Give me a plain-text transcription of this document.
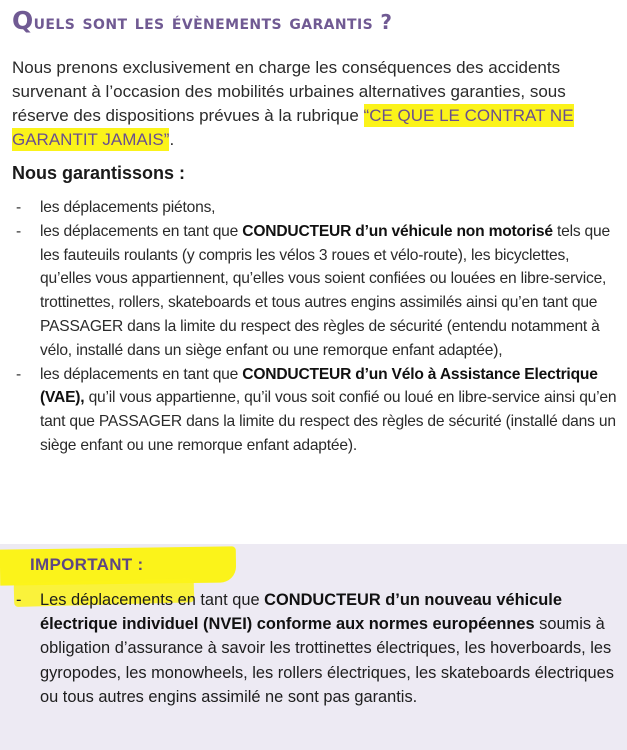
Quels sont les évènements garantis ?

Nous prenons exclusivement en charge les conséquences des accidents survenant à l’occasion des mobilités urbaines alternatives garanties, sous réserve des dispositions prévues à la rubrique “CE QUE LE CONTRAT NE GARANTIT JAMAIS”.

Nous garantissons :
- les déplacements piétons,
- les déplacements en tant que CONDUCTEUR d’un véhicule non motorisé tels que les fauteuils roulants (y compris les vélos 3 roues et vélo-route), les bicyclettes, qu’elles vous appartiennent, qu’elles vous soient confiées ou louées en libre-service, trottinettes, rollers, skateboards et tous autres engins assimilés ainsi qu’en tant que PASSAGER dans la limite du respect des règles de sécurité (entendu notamment à vélo, installé dans un siège enfant ou une remorque enfant adaptée),
- les déplacements en tant que CONDUCTEUR d’un Vélo à Assistance Electrique (VAE), qu’il vous appartienne, qu’il vous soit confié ou loué en libre-service ainsi qu’en tant que PASSAGER dans la limite du respect des règles de sécurité (installé dans un siège enfant ou une remorque enfant adaptée).
IMPORTANT :
- Les déplacements en tant que CONDUCTEUR d’un nouveau véhicule électrique individuel (NVEI) conforme aux normes européennes soumis à obligation d’assurance à savoir les trottinettes électriques, les hoverboards, les gyropodes, les monowheels, les rollers électriques, les skateboards électriques ou tous autres engins assimilé ne sont pas garantis.
